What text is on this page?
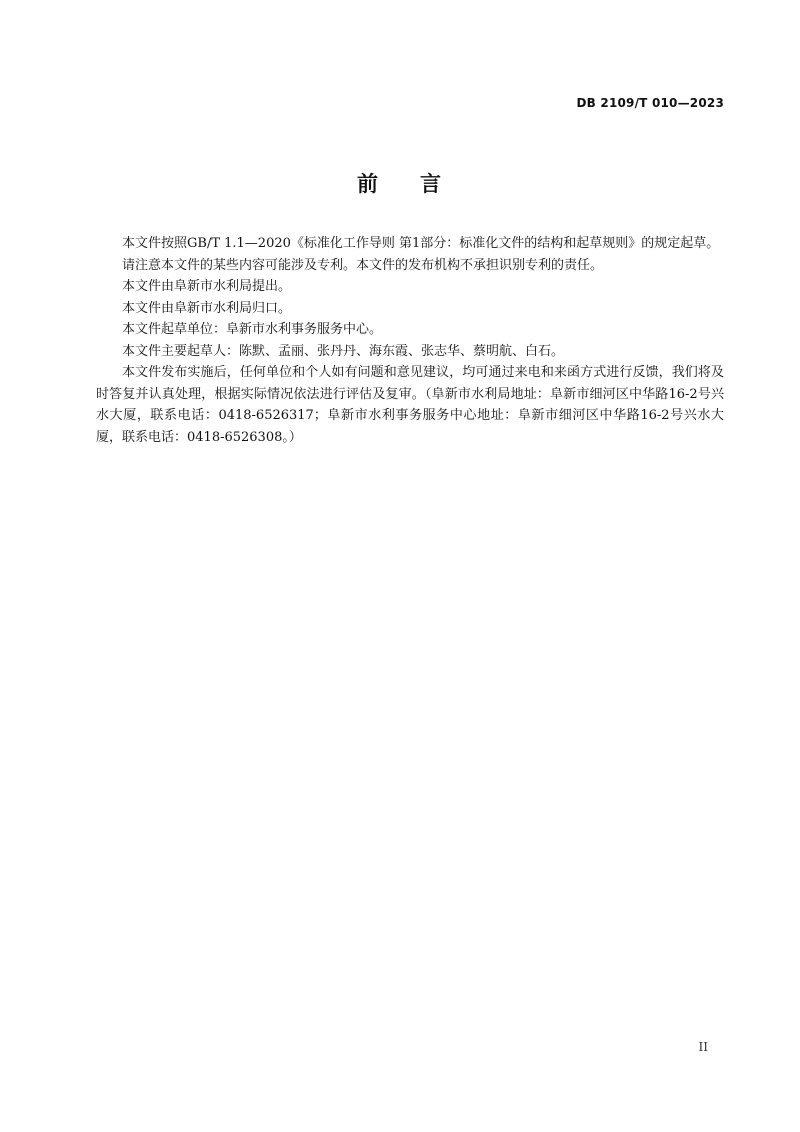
DB 2109/T 010—2023
前 言

本文件按照GB/T 1.1—2020《标准化工作导则 第1部分：标准化文件的结构和起草规则》的规定起草。

请注意本文件的某些内容可能涉及专利。本文件的发布机构不承担识别专利的责任。

本文件由阜新市水利局提出。

本文件由阜新市水利局归口。

本文件起草单位：阜新市水利事务服务中心。

本文件主要起草人：陈默、孟丽、张丹丹、海东霞、张志华、蔡明航、白石。

本文件发布实施后，任何单位和个人如有问题和意见建议，均可通过来电和来函方式进行反馈，我们将及时答复并认真处理，根据实际情况依法进行评估及复审。（阜新市水利局地址：阜新市细河区中华路16-2号兴水大厦，联系电话：0418-6526317；阜新市水利事务服务中心地址：阜新市细河区中华路16-2号兴水大厦，联系电话：0418-6526308。）

II
